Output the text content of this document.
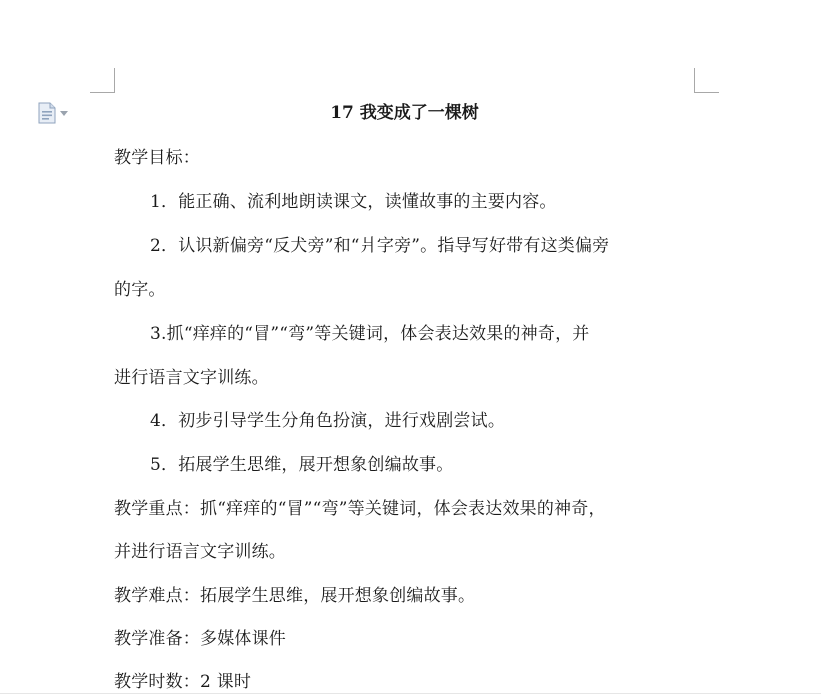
17 我变成了一棵树
教学目标：
1．能正确、流利地朗读课文，读懂故事的主要内容。
2．认识新偏旁“反犬旁”和“爿字旁”。指导写好带有这类偏旁
的字。
3.抓“痒痒的“冒”“弯”等关键词，体会表达效果的神奇，并
进行语言文字训练。
4．初步引导学生分角色扮演，进行戏剧尝试。
5．拓展学生思维，展开想象创编故事。
教学重点：抓“痒痒的“冒”“弯”等关键词，体会表达效果的神奇，
并进行语言文字训练。
教学难点：拓展学生思维，展开想象创编故事。
教学准备：多媒体课件
教学时数：2 课时
